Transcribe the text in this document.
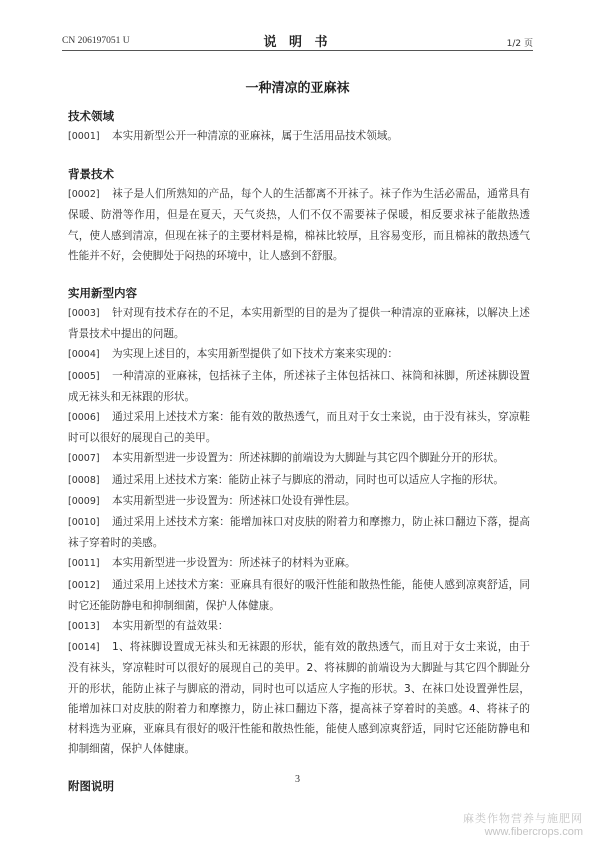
CN 206197051 U	说 明 书	1/2 页
一种清凉的亚麻袜
技术领域

[0001] 本实用新型公开一种清凉的亚麻袜，属于生活用品技术领域。

背景技术

[0002] 袜子是人们所熟知的产品，每个人的生活都离不开袜子。袜子作为生活必需品，通常具有保暖、防滑等作用，但是在夏天，天气炎热，人们不仅不需要袜子保暖，相反要求袜子能散热透气，使人感到清凉，但现在袜子的主要材料是棉，棉袜比较厚，且容易变形，而且棉袜的散热透气性能并不好，会使脚处于闷热的环境中，让人感到不舒服。

实用新型内容

[0003] 针对现有技术存在的不足，本实用新型的目的是为了提供一种清凉的亚麻袜，以解决上述背景技术中提出的问题。

[0004] 为实现上述目的，本实用新型提供了如下技术方案来实现的：

[0005] 一种清凉的亚麻袜，包括袜子主体，所述袜子主体包括袜口、袜筒和袜脚，所述袜脚设置成无袜头和无袜跟的形状。

[0006] 通过采用上述技术方案：能有效的散热透气，而且对于女士来说，由于没有袜头，穿凉鞋时可以很好的展现自己的美甲。

[0007] 本实用新型进一步设置为：所述袜脚的前端设为大脚趾与其它四个脚趾分开的形状。

[0008] 通过采用上述技术方案：能防止袜子与脚底的滑动，同时也可以适应人字拖的形状。

[0009] 本实用新型进一步设置为：所述袜口处设有弹性层。

[0010] 通过采用上述技术方案：能增加袜口对皮肤的附着力和摩擦力，防止袜口翻边下落，提高袜子穿着时的美感。

[0011] 本实用新型进一步设置为：所述袜子的材料为亚麻。

[0012] 通过采用上述技术方案：亚麻具有很好的吸汗性能和散热性能，能使人感到凉爽舒适，同时它还能防静电和抑制细菌，保护人体健康。

[0013] 本实用新型的有益效果：

[0014] 1、将袜脚设置成无袜头和无袜跟的形状，能有效的散热透气，而且对于女士来说，由于没有袜头，穿凉鞋时可以很好的展现自己的美甲。2、将袜脚的前端设为大脚趾与其它四个脚趾分开的形状，能防止袜子与脚底的滑动，同时也可以适应人字拖的形状。3、在袜口处设置弹性层，能增加袜口对皮肤的附着力和摩擦力，防止袜口翻边下落，提高袜子穿着时的美感。4、将袜子的材料选为亚麻，亚麻具有很好的吸汗性能和散热性能，能使人感到凉爽舒适，同时它还能防静电和抑制细菌，保护人体健康。

附图说明	3
麻类作物营养与施肥网
www.fibercrops.com
